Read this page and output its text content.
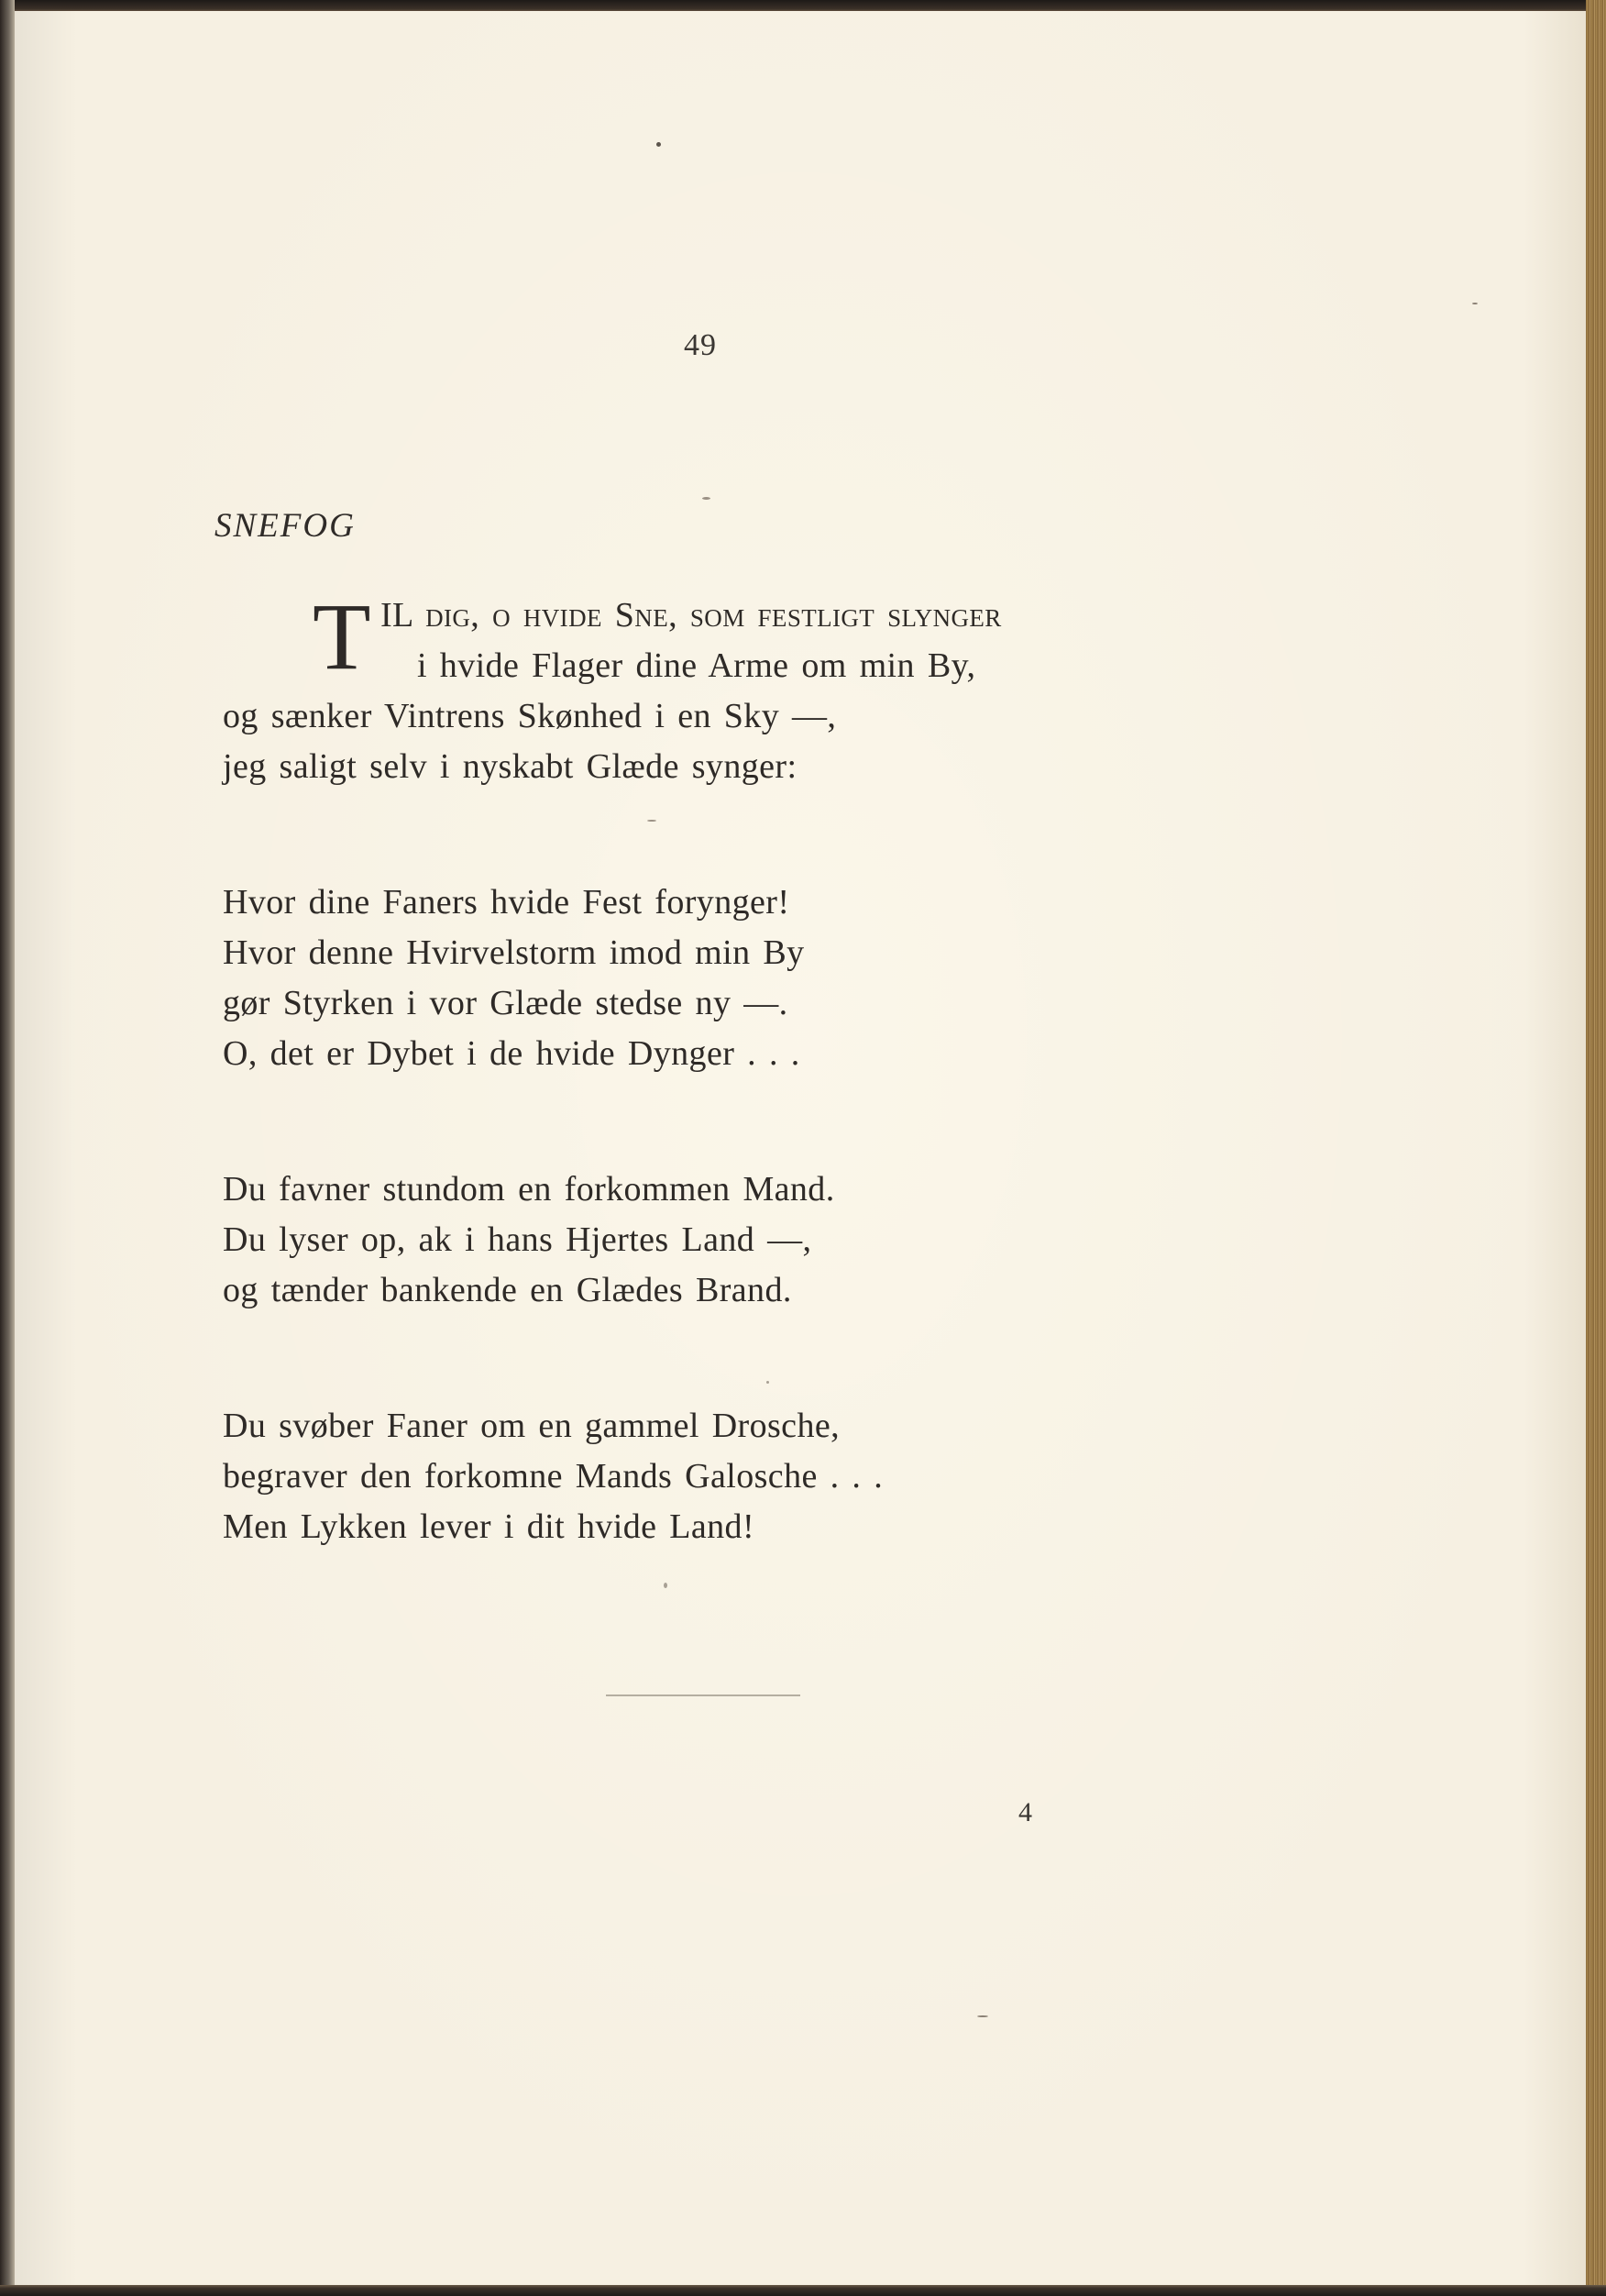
49
SNEFOG
TIL dig, o hvide Sne, som festligt slynger
i hvide Flager dine Arme om min By,
og sænker Vintrens Skønhed i en Sky —,
jeg saligt selv i nyskabt Glæde synger:
Hvor dine Faners hvide Fest forynger!
Hvor denne Hvirvelstorm imod min By
gør Styrken i vor Glæde stedse ny —.
O, det er Dybet i de hvide Dynger . . .
Du favner stundom en forkommen Mand.
Du lyser op, ak i hans Hjertes Land —,
og tænder bankende en Glædes Brand.
Du svøber Faner om en gammel Drosche,
begraver den forkomne Mands Galosche . . .
Men Lykken lever i dit hvide Land!
4
